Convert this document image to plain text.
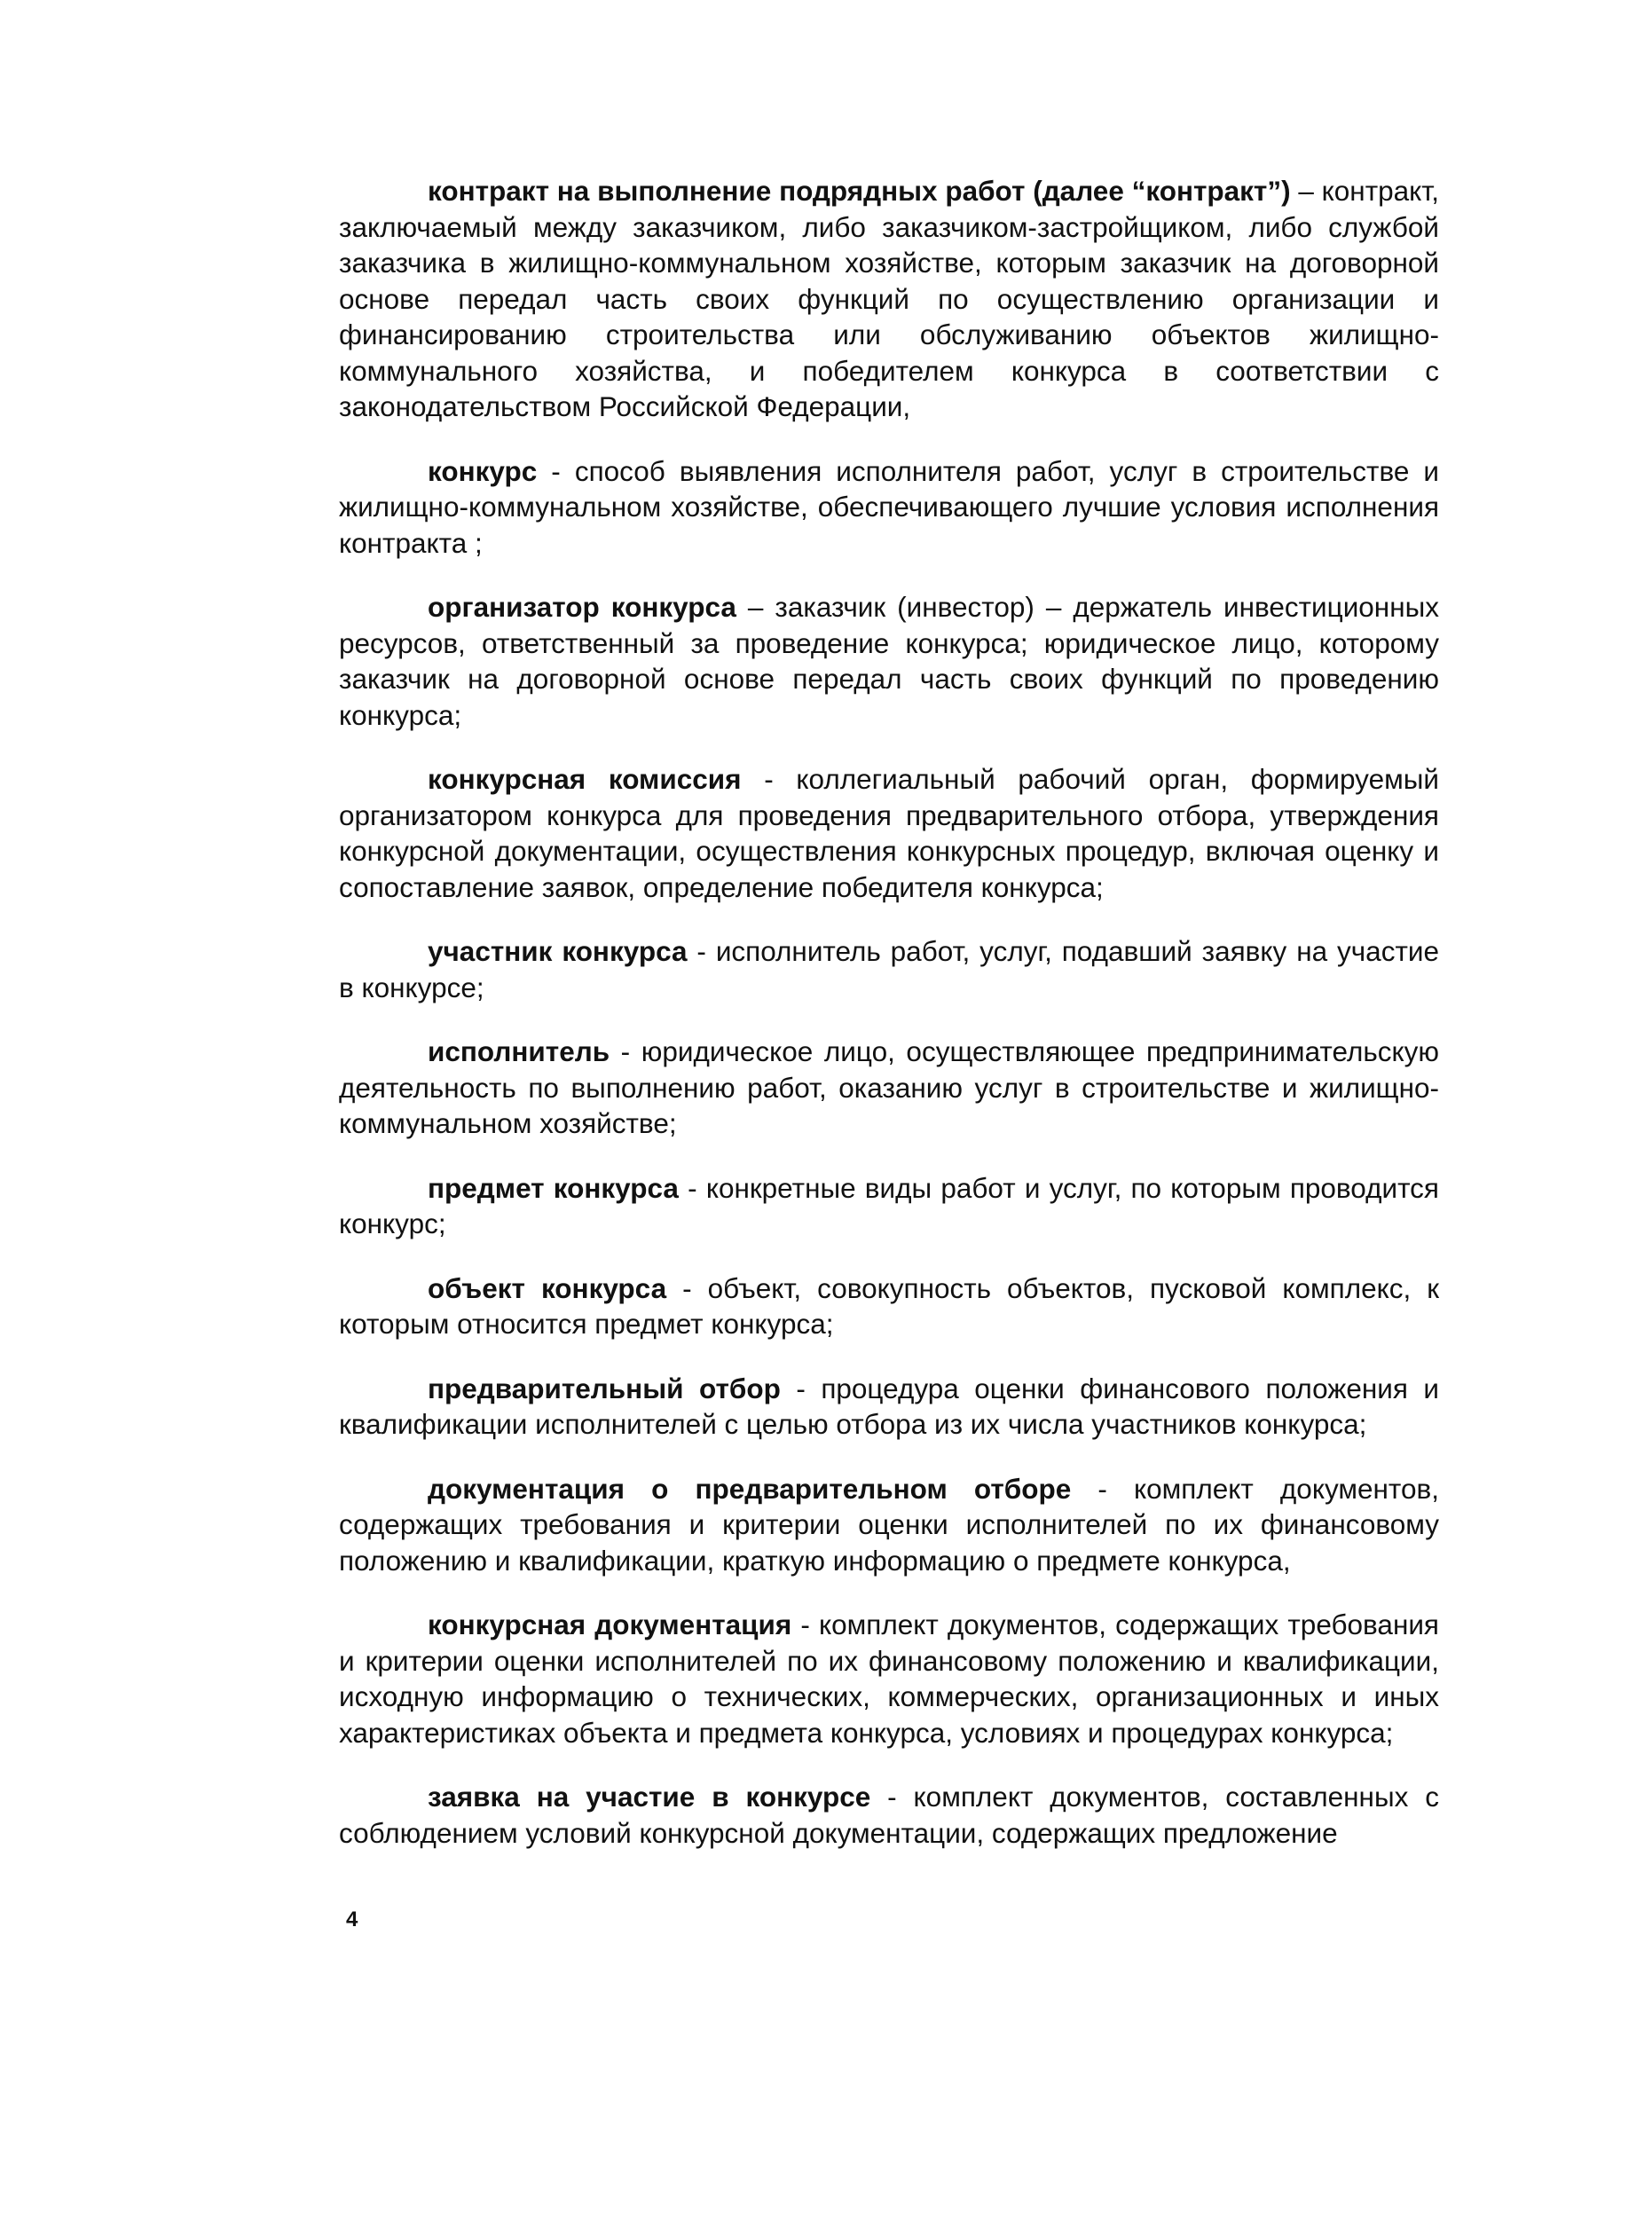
контракт на выполнение подрядных работ (далее “контракт”) – контракт, заключаемый между заказчиком, либо заказчиком-застройщиком, либо службой заказчика в жилищно-коммунальном хозяйстве, которым заказчик на договорной основе передал часть своих функций по осуществлению организации и финансированию строительства или обслуживанию объектов жилищно-коммунального хозяйства, и победителем конкурса в соответствии с законодательством Российской Федерации,

конкурс - способ выявления исполнителя работ, услуг в строительстве и жилищно-коммунальном хозяйстве, обеспечивающего лучшие условия исполнения контракта ;

организатор конкурса – заказчик (инвестор) – держатель инвестиционных ресурсов, ответственный за проведение конкурса; юридическое лицо, которому заказчик на договорной основе передал часть своих функций по проведению конкурса;

конкурсная комиссия - коллегиальный рабочий орган, формируемый организатором конкурса для проведения предварительного отбора, утверждения конкурсной документации, осуществления конкурсных процедур, включая оценку и сопоставление заявок, определение победителя конкурса;

участник конкурса - исполнитель работ, услуг, подавший заявку на участие в конкурсе;

исполнитель - юридическое лицо, осуществляющее предпринимательскую деятельность по выполнению работ, оказанию услуг в строительстве и жилищно-коммунальном хозяйстве;

предмет конкурса - конкретные виды работ и услуг, по которым проводится конкурс;

объект конкурса - объект, совокупность объектов, пусковой комплекс, к которым относится предмет конкурса;

предварительный отбор - процедура оценки финансового положения и квалификации исполнителей с целью отбора из их числа участников конкурса;

документация о предварительном отборе - комплект документов, содержащих требования и критерии оценки исполнителей по их финансовому положению и квалификации, краткую информацию о предмете конкурса,

конкурсная документация - комплект документов, содержащих требования и критерии оценки исполнителей по их финансовому положению и квалификации, исходную информацию о технических, коммерческих, организационных и иных характеристиках объекта и предмета конкурса, условиях и процедурах конкурса;

заявка на участие в конкурсе - комплект документов, составленных с соблюдением условий конкурсной документации, содержащих предложение

4
